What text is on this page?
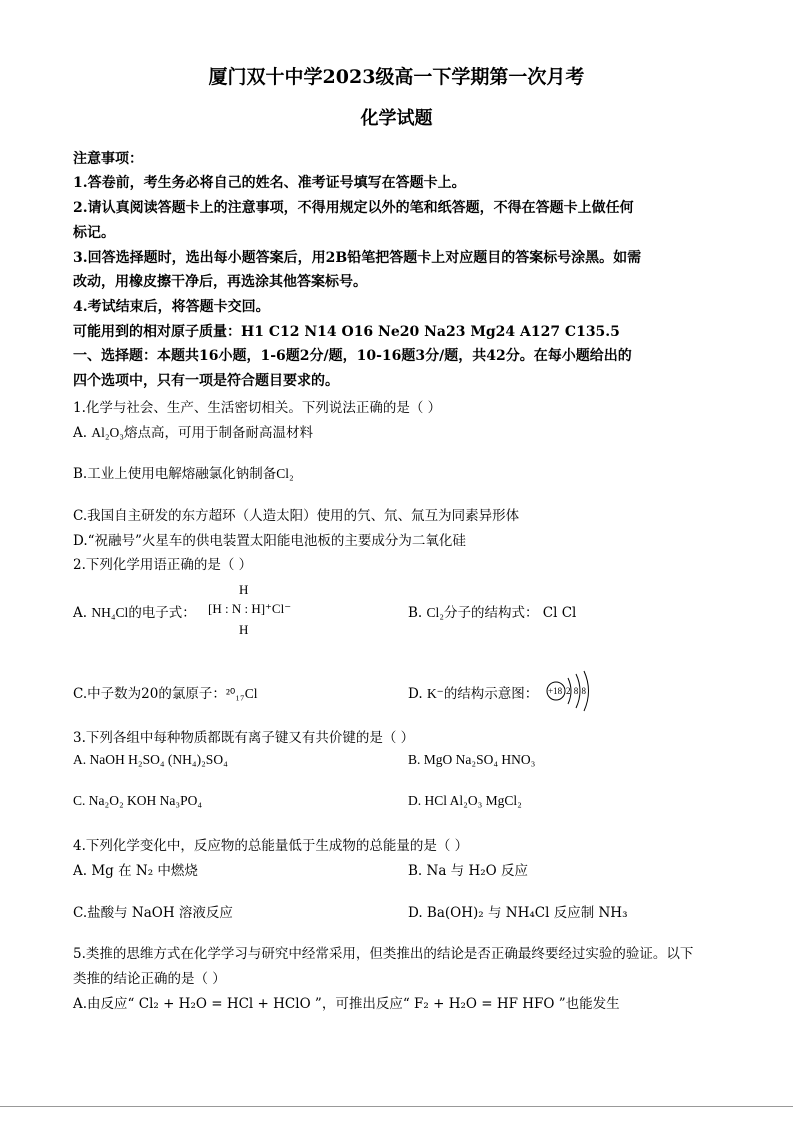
厦门双十中学2023级高一下学期第一次月考
化学试题
注意事项：
1.答卷前，考生务必将自己的姓名、准考证号填写在答题卡上。
2.请认真阅读答题卡上的注意事项，不得用规定以外的笔和纸答题，不得在答题卡上做任何
标记。
3.回答选择题时，选出每小题答案后，用2B铅笔把答题卡上对应题目的答案标号涂黑。如需
改动，用橡皮擦干净后，再选涂其他答案标号。
4.考试结束后，将答题卡交回。
可能用到的相对原子质量：H1 C12 N14 O16 Ne20 Na23 Mg24 A127 C135.5
一、选择题：本题共16小题，1-6题2分/题，10-16题3分/题，共42分。在每小题给出的
四个选项中，只有一项是符合题目要求的。
1.化学与社会、生产、生活密切相关。下列说法正确的是（ ）
A. Al₂O₃熔点高，可用于制备耐高温材料
B.工业上使用电解熔融氯化钠制备Cl₂
C.我国自主研发的东方超环（人造太阳）使用的氕、氘、氚互为同素异形体
D.“祝融号”火星车的供电装置太阳能电池板的主要成分为二氧化硅
2.下列化学用语正确的是（ ）
A. NH₄Cl的电子式：
H
[H : N : H]⁺Cl⁻
H
B. Cl₂分子的结构式： Cl Cl
C.中子数为20的氯原子：²⁰₁₇Cl	D. K⁻的结构示意图： +18 2 8 8
3.下列各组中每种物质都既有离子键又有共价键的是（ ）
A. NaOH H₂SO₄ (NH₄)₂SO₄	B. MgO Na₂SO₄ HNO₃
C. Na₂O₂ KOH Na₃PO₄	D. HCl Al₂O₃ MgCl₂
4.下列化学变化中，反应物的总能量低于生成物的总能量的是（ ）
A. Mg 在 N₂ 中燃烧	B. Na 与 H₂O 反应
C.盐酸与 NaOH 溶液反应	D. Ba(OH)₂ 与 NH₄Cl 反应制 NH₃
5.类推的思维方式在化学学习与研究中经常采用，但类推出的结论是否正确最终要经过实验的验证。以下
类推的结论正确的是（ ）
A.由反应“ Cl₂ + H₂O = HCl + HClO ”，可推出反应“ F₂ + H₂O = HF HFO ”也能发生
